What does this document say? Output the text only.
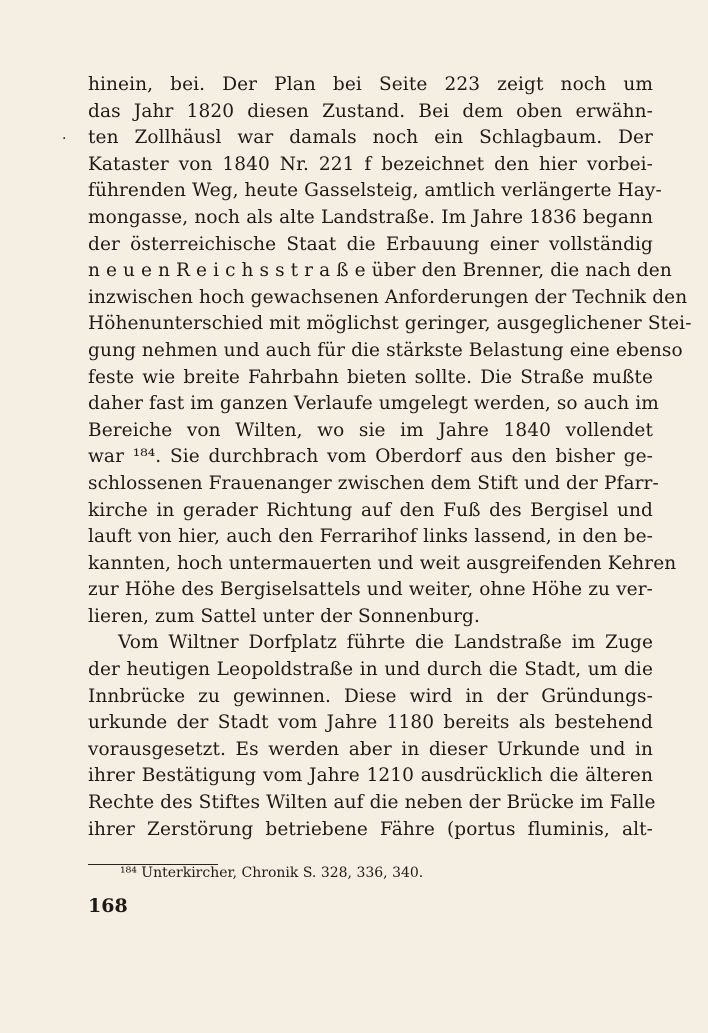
·
hinein, bei. Der Plan bei Seite 223 zeigt noch um
das Jahr 1820 diesen Zustand. Bei dem oben erwähn-
ten Zollhäusl war damals noch ein Schlagbaum. Der
Kataster von 1840 Nr. 221 f bezeichnet den hier vorbei-
führenden Weg, heute Gasselsteig, amtlich verlängerte Hay-
mongasse, noch als alte Landstraße. Im Jahre 1836 begann
der österreichische Staat die Erbauung einer vollständig
n e u e n R e i c h s s t r a ß e über den Brenner, die nach den
inzwischen hoch gewachsenen Anforderungen der Technik den
Höhenunterschied mit möglichst geringer, ausgeglichener Stei-
gung nehmen und auch für die stärkste Belastung eine ebenso
feste wie breite Fahrbahn bieten sollte. Die Straße mußte
daher fast im ganzen Verlaufe umgelegt werden, so auch im
Bereiche von Wilten, wo sie im Jahre 1840 vollendet
war ¹⁸⁴. Sie durchbrach vom Oberdorf aus den bisher ge-
schlossenen Frauenanger zwischen dem Stift und der Pfarr-
kirche in gerader Richtung auf den Fuß des Bergisel und
lauft von hier, auch den Ferrarihof links lassend, in den be-
kannten, hoch untermauerten und weit ausgreifenden Kehren
zur Höhe des Bergiselsattels und weiter, ohne Höhe zu ver-
lieren, zum Sattel unter der Sonnenburg.
Vom Wiltner Dorfplatz führte die Landstraße im Zuge
der heutigen Leopoldstraße in und durch die Stadt, um die
Innbrücke zu gewinnen. Diese wird in der Gründungs-
urkunde der Stadt vom Jahre 1180 bereits als bestehend
vorausgesetzt. Es werden aber in dieser Urkunde und in
ihrer Bestätigung vom Jahre 1210 ausdrücklich die älteren
Rechte des Stiftes Wilten auf die neben der Brücke im Falle
ihrer Zerstörung betriebene Fähre (portus fluminis, alt-
¹⁸⁴ Unterkircher, Chronik S. 328, 336, 340.
168
